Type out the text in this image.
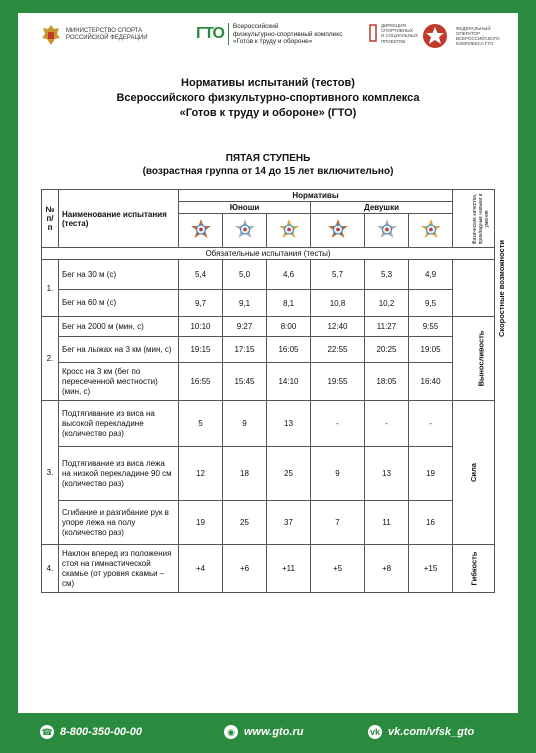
МИНИСТЕРСТВО СПОРТА
РОССИЙСКОЙ ФЕДЕРАЦИИ	ГТО Всероссийский
физкультурно-спортивный комплекс
«Готов к труду и обороне»
ДИРЕКЦИЯ
СПОРТИВНЫХ
И СОЦИАЛЬНЫХ
ПРОЕКТОВ
ФЕДЕРАЛЬНЫЙ
ОПЕРАТОР
ВСЕРОССИЙСКОГО
КОМПЛЕКСА ГТО
Нормативы испытаний (тестов)
Всероссийского физкультурно-спортивного комплекса
«Готов к труду и обороне» (ГТО)
ПЯТАЯ СТУПЕНЬ
(возрастная группа от 14 до 15 лет включительно)
№ п/п	Наименование испытания (теста)	Нормативы						Физические качества, прикладные навыки и умения
		Юноши			Девушки			

Обязательные испытания (тесты)								
1.	Бег на 30 м (с)	5,4	5,0	4,6	5,7	5,3	4,9	Скоростные возможности
	Бег на 60 м (с)	9,7	9,1	8,1	10,8	10,2	9,5	
2.	Бег на 2000 м (мин, с)	10:10	9:27	8:00	12:40	11:27	9:55	Выносливость
	Бег на лыжах на 3 км (мин, с)	19:15	17:15	16:05	22:55	20:25	19:05	
	Кросс на 3 км (бег по пересеченной местности) (мин, с)	16:55	15:45	14:10	19:55	18:05	16:40	
3.	Подтягивание из виса на высокой перекладине (количество раз)	5	9	13	-	-	-	Сила
	Подтягивание из виса лежа на низкой перекладине 90 см (количество раз)	12	18	25	9	13	19	
	Сгибание и разгибание рук в упоре лежа на полу (количество раз)	19	25	37	7	11	16	
4.	Наклон вперед из положения стоя на гимнастической скамье (от уровня скамьи – см)	+4	+6	+11	+5	+8	+15	Гибкость
☎ 8-800-350-00-00	◉ www.gto.ru	vk vk.com/vfsk_gto
